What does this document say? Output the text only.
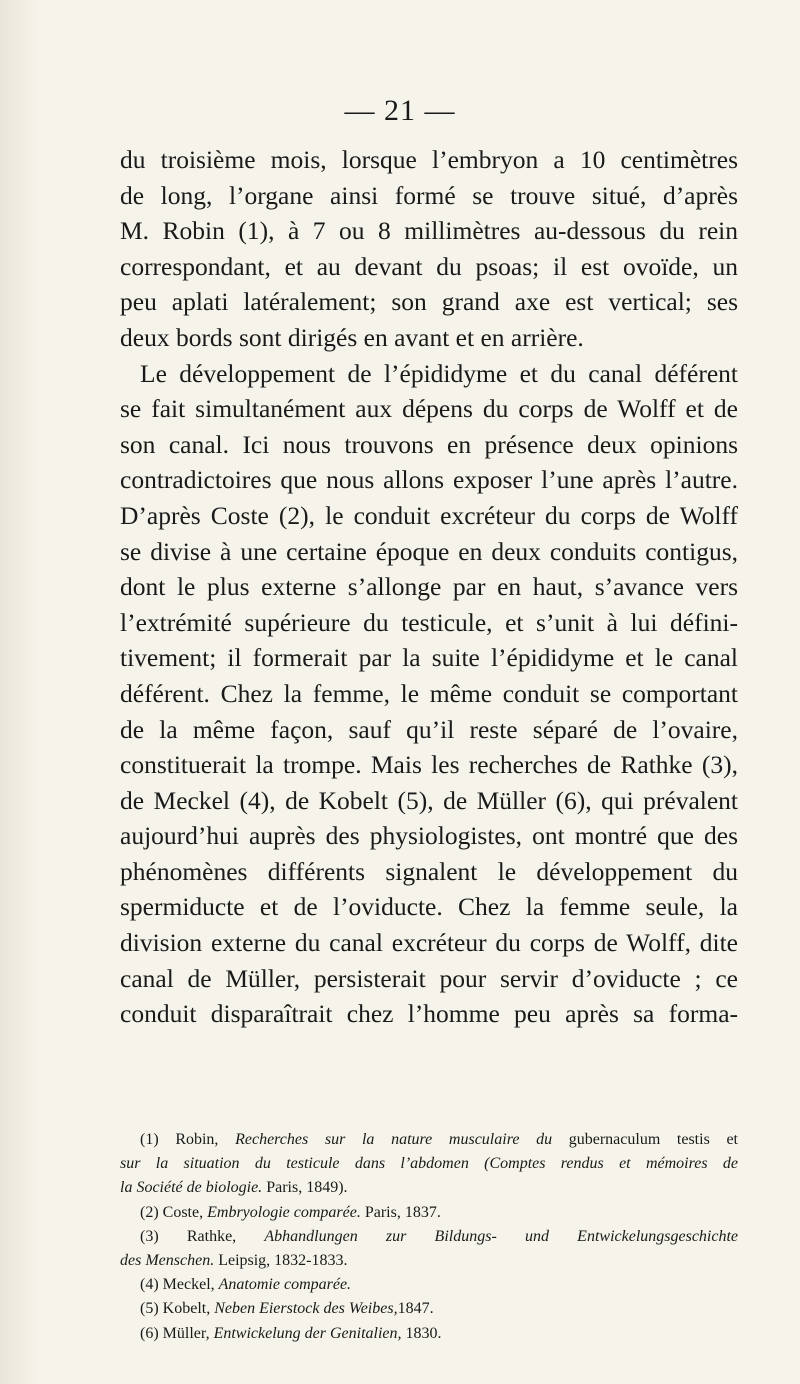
— 21 —
du troisième mois, lorsque l’embryon a 10 centimètres
de long, l’organe ainsi formé se trouve situé, d’après
M. Robin (1), à 7 ou 8 millimètres au-dessous du rein
correspondant, et au devant du psoas; il est ovoïde, un
peu aplati latéralement; son grand axe est vertical; ses
deux bords sont dirigés en avant et en arrière.
Le développement de l’épididyme et du canal déférent
se fait simultanément aux dépens du corps de Wolff et de
son canal. Ici nous trouvons en présence deux opinions
contradictoires que nous allons exposer l’une après l’autre.
D’après Coste (2), le conduit excréteur du corps de Wolff
se divise à une certaine époque en deux conduits contigus,
dont le plus externe s’allonge par en haut, s’avance vers
l’extrémité supérieure du testicule, et s’unit à lui défini-
tivement; il formerait par la suite l’épididyme et le canal
déférent. Chez la femme, le même conduit se comportant
de la même façon, sauf qu’il reste séparé de l’ovaire,
constituerait la trompe. Mais les recherches de Rathke (3),
de Meckel (4), de Kobelt (5), de Müller (6), qui prévalent
aujourd’hui auprès des physiologistes, ont montré que des
phénomènes différents signalent le développement du
spermiducte et de l’oviducte. Chez la femme seule, la
division externe du canal excréteur du corps de Wolff, dite
canal de Müller, persisterait pour servir d’oviducte ; ce
conduit disparaîtrait chez l’homme peu après sa forma-
(1) Robin, Recherches sur la nature musculaire du gubernaculum testis et
sur la situation du testicule dans l’abdomen (Comptes rendus et mémoires de
la Société de biologie. Paris, 1849).
(2) Coste, Embryologie comparée. Paris, 1837.
(3) Rathke, Abhandlungen zur Bildungs- und Entwickelungsgeschichte
des Menschen. Leipsig, 1832-1833.
(4) Meckel, Anatomie comparée.
(5) Kobelt, Neben Eierstock des Weibes,1847.
(6) Müller, Entwickelung der Genitalien, 1830.
